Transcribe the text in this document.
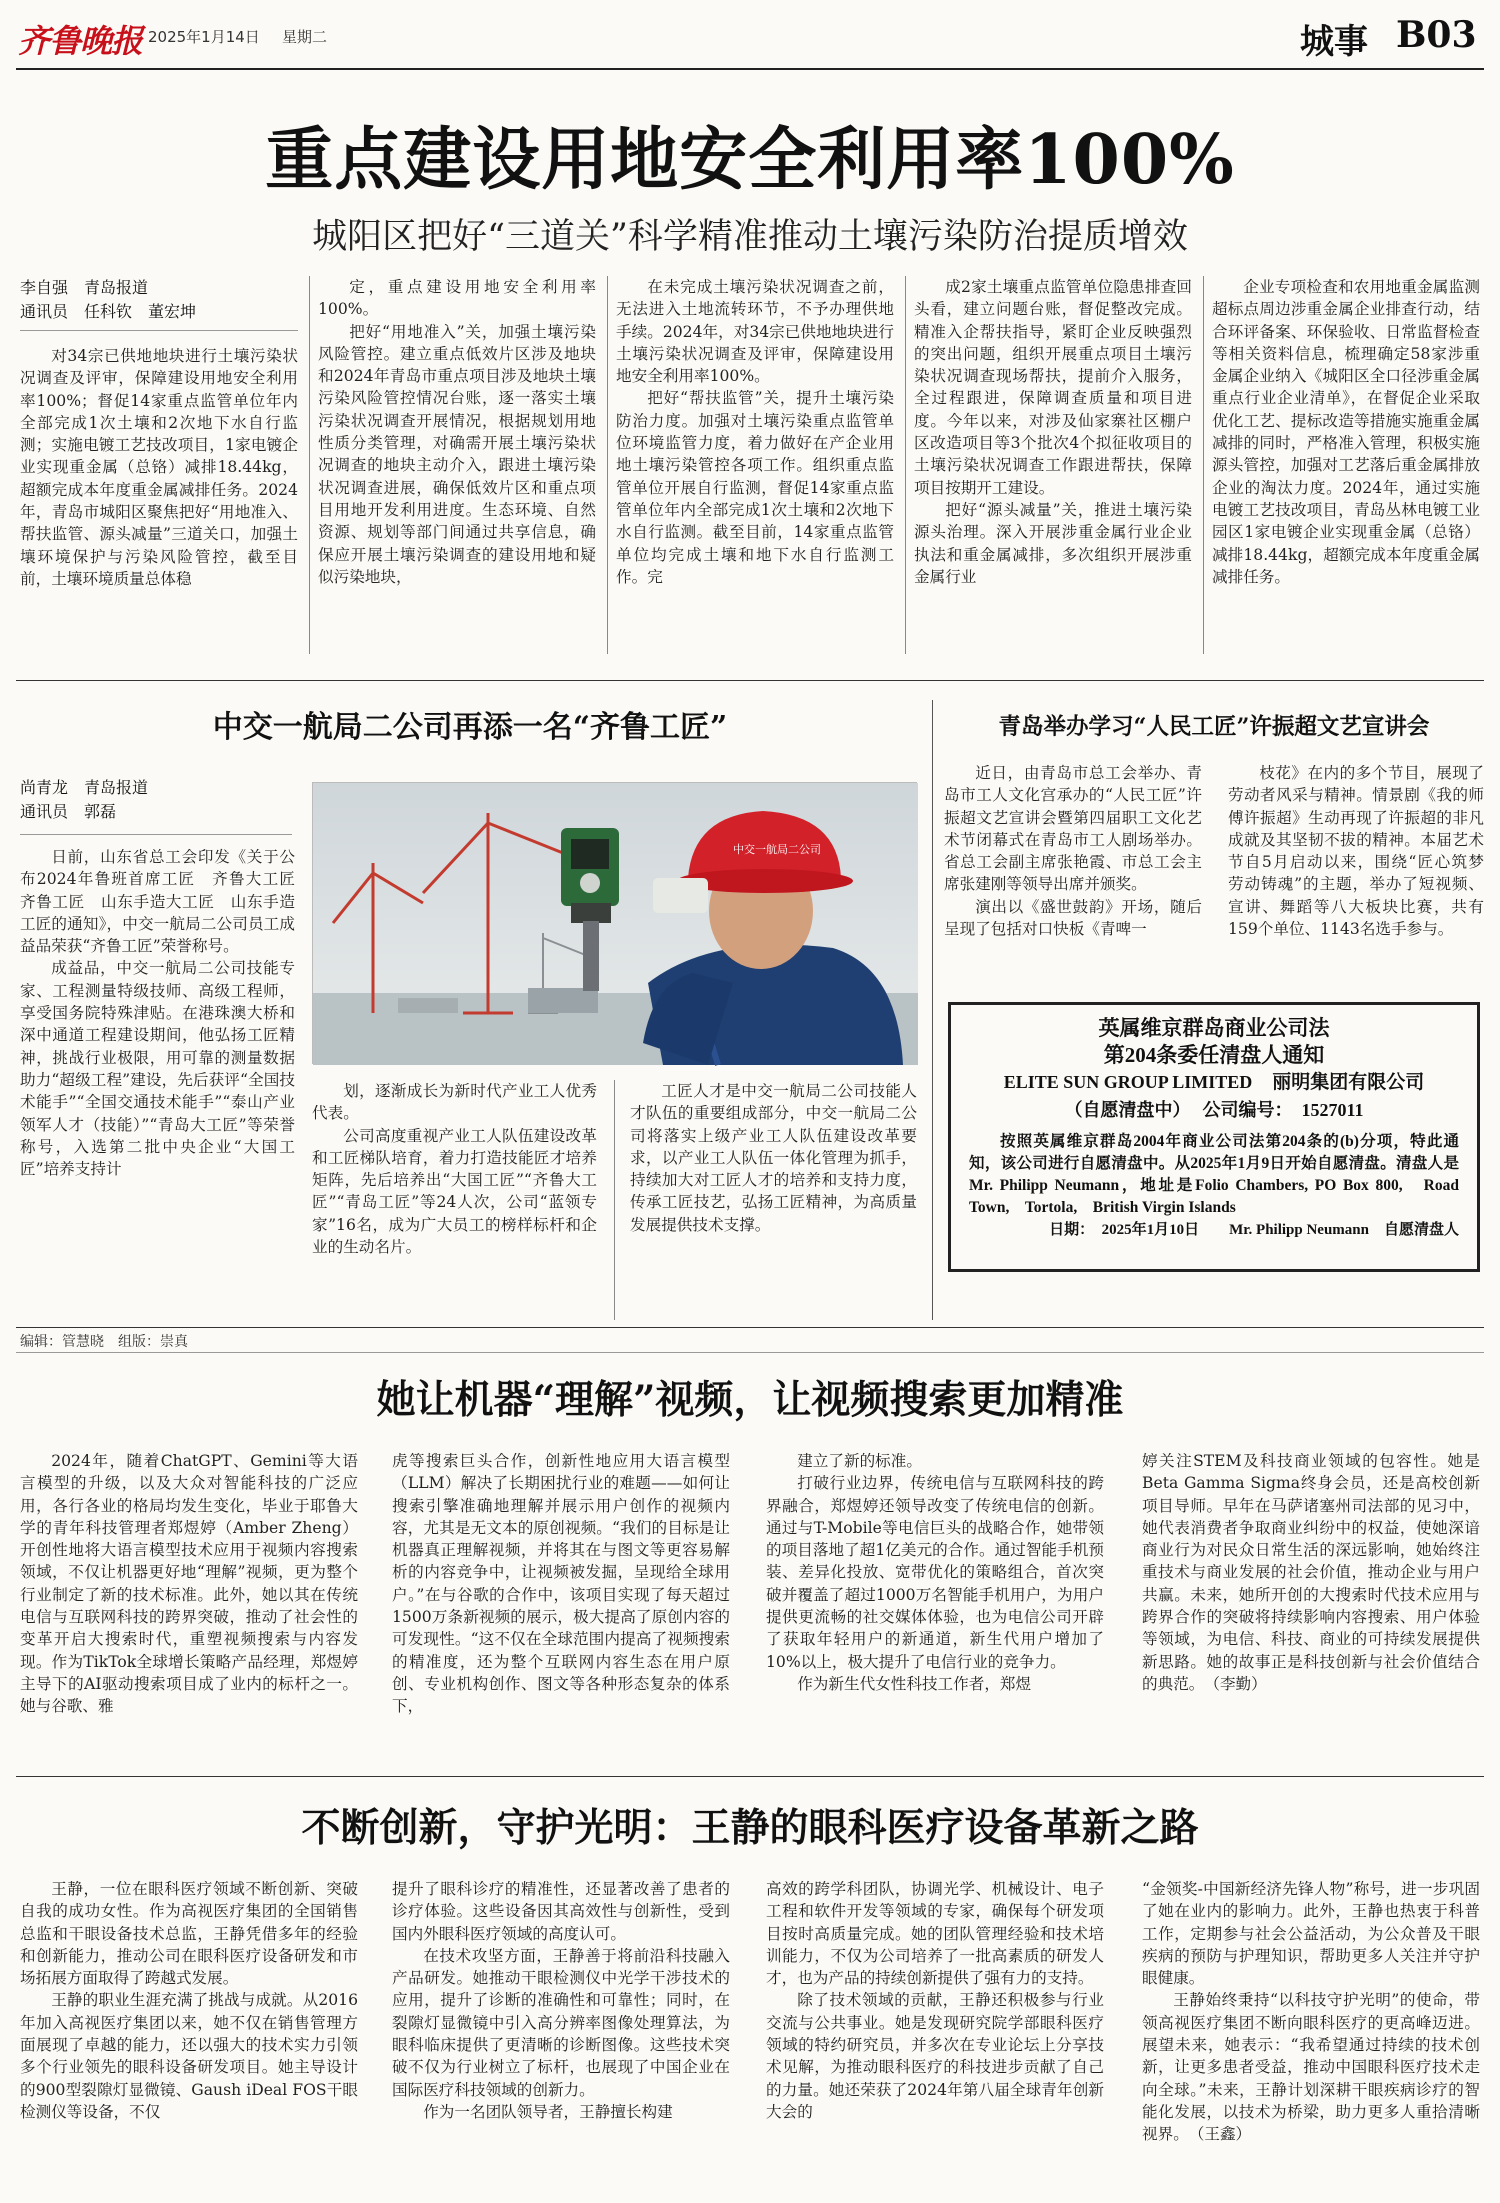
齐鲁晚报 2025年1月14日 星期二	城事 B03
重点建设用地安全利用率100%
城阳区把好“三道关”科学精准推动土壤污染防治提质增效
李自强　青岛报道
通讯员　任科钦　董宏坤

对34宗已供地地块进行土壤污染状况调查及评审，保障建设用地安全利用率100%；督促14家重点监管单位年内全部完成1次土壤和2次地下水自行监测；实施电镀工艺技改项目，1家电镀企业实现重金属（总铬）减排18.44kg，超额完成本年度重金属减排任务。2024年，青岛市城阳区聚焦把好“用地准入、帮扶监管、源头减量”三道关口，加强土壤环境保护与污染风险管控，截至目前，土壤环境质量总体稳

定，重点建设用地安全利用率100%。
把好“用地准入”关，加强土壤污染风险管控。建立重点低效片区涉及地块和2024年青岛市重点项目涉及地块土壤污染风险管控情况台账，逐一落实土壤污染状况调查开展情况，根据规划用地性质分类管理，对确需开展土壤污染状况调查的地块主动介入，跟进土壤污染状况调查进展，确保低效片区和重点项目用地开发利用进度。生态环境、自然资源、规划等部门间通过共享信息，确保应开展土壤污染调查的建设用地和疑似污染地块，
在未完成土壤污染状况调查之前，无法进入土地流转环节，不予办理供地手续。2024年，对34宗已供地地块进行土壤污染状况调查及评审，保障建设用地安全利用率100%。
把好“帮扶监管”关，提升土壤污染防治力度。加强对土壤污染重点监管单位环境监管力度，着力做好在产企业用地土壤污染管控各项工作。组织重点监管单位开展自行监测，督促14家重点监管单位年内全部完成1次土壤和2次地下水自行监测。截至目前，14家重点监管单位均完成土壤和地下水自行监测工作。完
成2家土壤重点监管单位隐患排查回头看，建立问题台账，督促整改完成。精准入企帮扶指导，紧盯企业反映强烈的突出问题，组织开展重点项目土壤污染状况调查现场帮扶，提前介入服务，全过程跟进，保障调查质量和项目进度。今年以来，对涉及仙家寨社区棚户区改造项目等3个批次4个拟征收项目的土壤污染状况调查工作跟进帮扶，保障项目按期开工建设。
把好“源头减量”关，推进土壤污染源头治理。深入开展涉重金属行业企业执法和重金属减排，多次组织开展涉重金属行业

企业专项检查和农用地重金属监测超标点周边涉重金属企业排查行动，结合环评备案、环保验收、日常监督检查等相关资料信息，梳理确定58家涉重金属企业纳入《城阳区全口径涉重金属重点行业企业清单》，在督促企业采取优化工艺、提标改造等措施实施重金属减排的同时，严格准入管理，积极实施源头管控，加强对工艺落后重金属排放企业的淘汰力度。2024年，通过实施电镀工艺技改项目，青岛丛林电镀工业园区1家电镀企业实现重金属（总铬）减排18.44kg，超额完成本年度重金属减排任务。

中交一航局二公司再添一名“齐鲁工匠”
尚青龙　青岛报道
通讯员　郭磊
日前，山东省总工会印发《关于公布2024年鲁班首席工匠　齐鲁大工匠　齐鲁工匠　山东手造大工匠　山东手造工匠的通知》，中交一航局二公司员工成益品荣获“齐鲁工匠”荣誉称号。
成益品，中交一航局二公司技能专家、工程测量特级技师、高级工程师，享受国务院特殊津贴。在港珠澳大桥和深中通道工程建设期间，他弘扬工匠精神，挑战行业极限，用可靠的测量数据助力“超级工程”建设，先后获评“全国技术能手”“全国交通技术能手”“泰山产业领军人才（技能）”“青岛大工匠”等荣誉称号，入选第二批中央企业“大国工匠”培养支持计
中交一航局二公司
划，逐渐成长为新时代产业工人优秀代表。
公司高度重视产业工人队伍建设改革和工匠梯队培育，着力打造技能匠才培养矩阵，先后培养出“大国工匠”“齐鲁大工匠”“青岛工匠”等24人次，公司“蓝领专家”16名，成为广大员工的榜样标杆和企业的生动名片。

工匠人才是中交一航局二公司技能人才队伍的重要组成部分，中交一航局二公司将落实上级产业工人队伍建设改革要求，以产业工人队伍一体化管理为抓手，持续加大对工匠人才的培养和支持力度，传承工匠技艺，弘扬工匠精神，为高质量发展提供技术支撑。

青岛举办学习“人民工匠”许振超文艺宣讲会
近日，由青岛市总工会举办、青岛市工人文化宫承办的“人民工匠”许振超文艺宣讲会暨第四届职工文化艺术节闭幕式在青岛市工人剧场举办。省总工会副主席张艳霞、市总工会主席张建刚等领导出席并颁奖。
演出以《盛世鼓韵》开场，随后呈现了包括对口快板《青啤一

枝花》在内的多个节目，展现了劳动者风采与精神。情景剧《我的师傅许振超》生动再现了许振超的非凡成就及其坚韧不拔的精神。本届艺术节自5月启动以来，围绕“匠心筑梦　劳动铸魂”的主题，举办了短视频、宣讲、舞蹈等八大板块比赛，共有159个单位、1143名选手参与。

英属维京群岛商业公司法
第204条委任清盘人通知
ELITE SUN GROUP LIMITED 丽明集团有限公司
（自愿清盘中） 公司编号：　1527011
按照英属维京群岛2004年商业公司法第204条的(b)分项，特此通知，该公司进行自愿清盘中。从2025年1月9日开始自愿清盘。清盘人是Mr. Philipp Neumann，地址是Folio Chambers, PO Box 800,　Road Town,　Tortola,　British Virgin Islands
日期：　2025年1月10日　　Mr. Philipp Neumann　自愿清盘人
编辑：管慧晓　组版：崇真
她让机器“理解”视频，让视频搜索更加精准

2024年，随着ChatGPT、Gemini等大语言模型的升级，以及大众对智能科技的广泛应用，各行各业的格局均发生变化，毕业于耶鲁大学的青年科技管理者郑煜婷（Amber Zheng）开创性地将大语言模型技术应用于视频内容搜索领域，不仅让机器更好地“理解”视频，更为整个行业制定了新的技术标准。此外，她以其在传统电信与互联网科技的跨界突破，推动了社会性的变革开启大搜索时代，重塑视频搜索与内容发现。作为TikTok全球增长策略产品经理，郑煜婷主导下的AI驱动搜索项目成了业内的标杆之一。她与谷歌、雅

虎等搜索巨头合作，创新性地应用大语言模型（LLM）解决了长期困扰行业的难题——如何让搜索引擎准确地理解并展示用户创作的视频内容，尤其是无文本的原创视频。“我们的目标是让机器真正理解视频，并将其在与图文等更容易解析的内容竞争中，让视频被发掘，呈现给全球用户。”在与谷歌的合作中，该项目实现了每天超过1500万条新视频的展示，极大提高了原创内容的可发现性。“这不仅在全球范围内提高了视频搜索的精准度，还为整个互联网内容生态在用户原创、专业机构创作、图文等各种形态复杂的体系下，

建立了新的标准。
打破行业边界，传统电信与互联网科技的跨界融合，郑煜婷还领导改变了传统电信的创新。通过与T-Mobile等电信巨头的战略合作，她带领的项目落地了超1亿美元的合作。通过智能手机预装、差异化投放、宽带优化的策略组合，首次突破并覆盖了超过1000万名智能手机用户，为用户提供更流畅的社交媒体体验，也为电信公司开辟了获取年轻用户的新通道，新生代用户增加了10%以上，极大提升了电信行业的竞争力。
作为新生代女性科技工作者，郑煜

婷关注STEM及科技商业领域的包容性。她是Beta Gamma Sigma终身会员，还是高校创新项目导师。早年在马萨诸塞州司法部的见习中，她代表消费者争取商业纠纷中的权益，使她深谙商业行为对民众日常生活的深远影响，她始终注重技术与商业发展的社会价值，推动企业与用户共赢。未来，她所开创的大搜索时代技术应用与跨界合作的突破将持续影响内容搜索、用户体验等领域，为电信、科技、商业的可持续发展提供新思路。她的故事正是科技创新与社会价值结合的典范。　（李勤）

不断创新，守护光明：王静的眼科医疗设备革新之路
王静，一位在眼科医疗领域不断创新、突破自我的成功女性。作为高视医疗集团的全国销售总监和干眼设备技术总监，王静凭借多年的经验和创新能力，推动公司在眼科医疗设备研发和市场拓展方面取得了跨越式发展。
王静的职业生涯充满了挑战与成就。从2016年加入高视医疗集团以来，她不仅在销售管理方面展现了卓越的能力，还以强大的技术实力引领多个行业领先的眼科设备研发项目。她主导设计的900型裂隙灯显微镜、Gaush iDeal FOS干眼检测仪等设备，不仅
提升了眼科诊疗的精准性，还显著改善了患者的诊疗体验。这些设备因其高效性与创新性，受到国内外眼科医疗领域的高度认可。
在技术攻坚方面，王静善于将前沿科技融入产品研发。她推动干眼检测仪中光学干涉技术的应用，提升了诊断的准确性和可靠性；同时，在裂隙灯显微镜中引入高分辨率图像处理算法，为眼科临床提供了更清晰的诊断图像。这些技术突破不仅为行业树立了标杆，也展现了中国企业在国际医疗科技领域的创新力。
作为一名团队领导者，王静擅长构建
高效的跨学科团队，协调光学、机械设计、电子工程和软件开发等领域的专家，确保每个研发项目按时高质量完成。她的团队管理经验和技术培训能力，不仅为公司培养了一批高素质的研发人才，也为产品的持续创新提供了强有力的支持。
除了技术领域的贡献，王静还积极参与行业交流与公共事业。她是发现研究院学部眼科医疗领域的特约研究员，并多次在专业论坛上分享技术见解，为推动眼科医疗的科技进步贡献了自己的力量。她还荣获了2024年第八届全球青年创新大会的
“金领奖-中国新经济先锋人物”称号，进一步巩固了她在业内的影响力。此外，王静也热衷于科普工作，定期参与社会公益活动，为公众普及干眼疾病的预防与护理知识，帮助更多人关注并守护眼健康。
王静始终秉持“以科技守护光明”的使命，带领高视医疗集团不断向眼科医疗的更高峰迈进。展望未来，她表示：“我希望通过持续的技术创新，让更多患者受益，推动中国眼科医疗技术走向全球。”未来，王静计划深耕干眼疾病诊疗的智能化发展，以技术为桥梁，助力更多人重拾清晰视界。　（王鑫）
